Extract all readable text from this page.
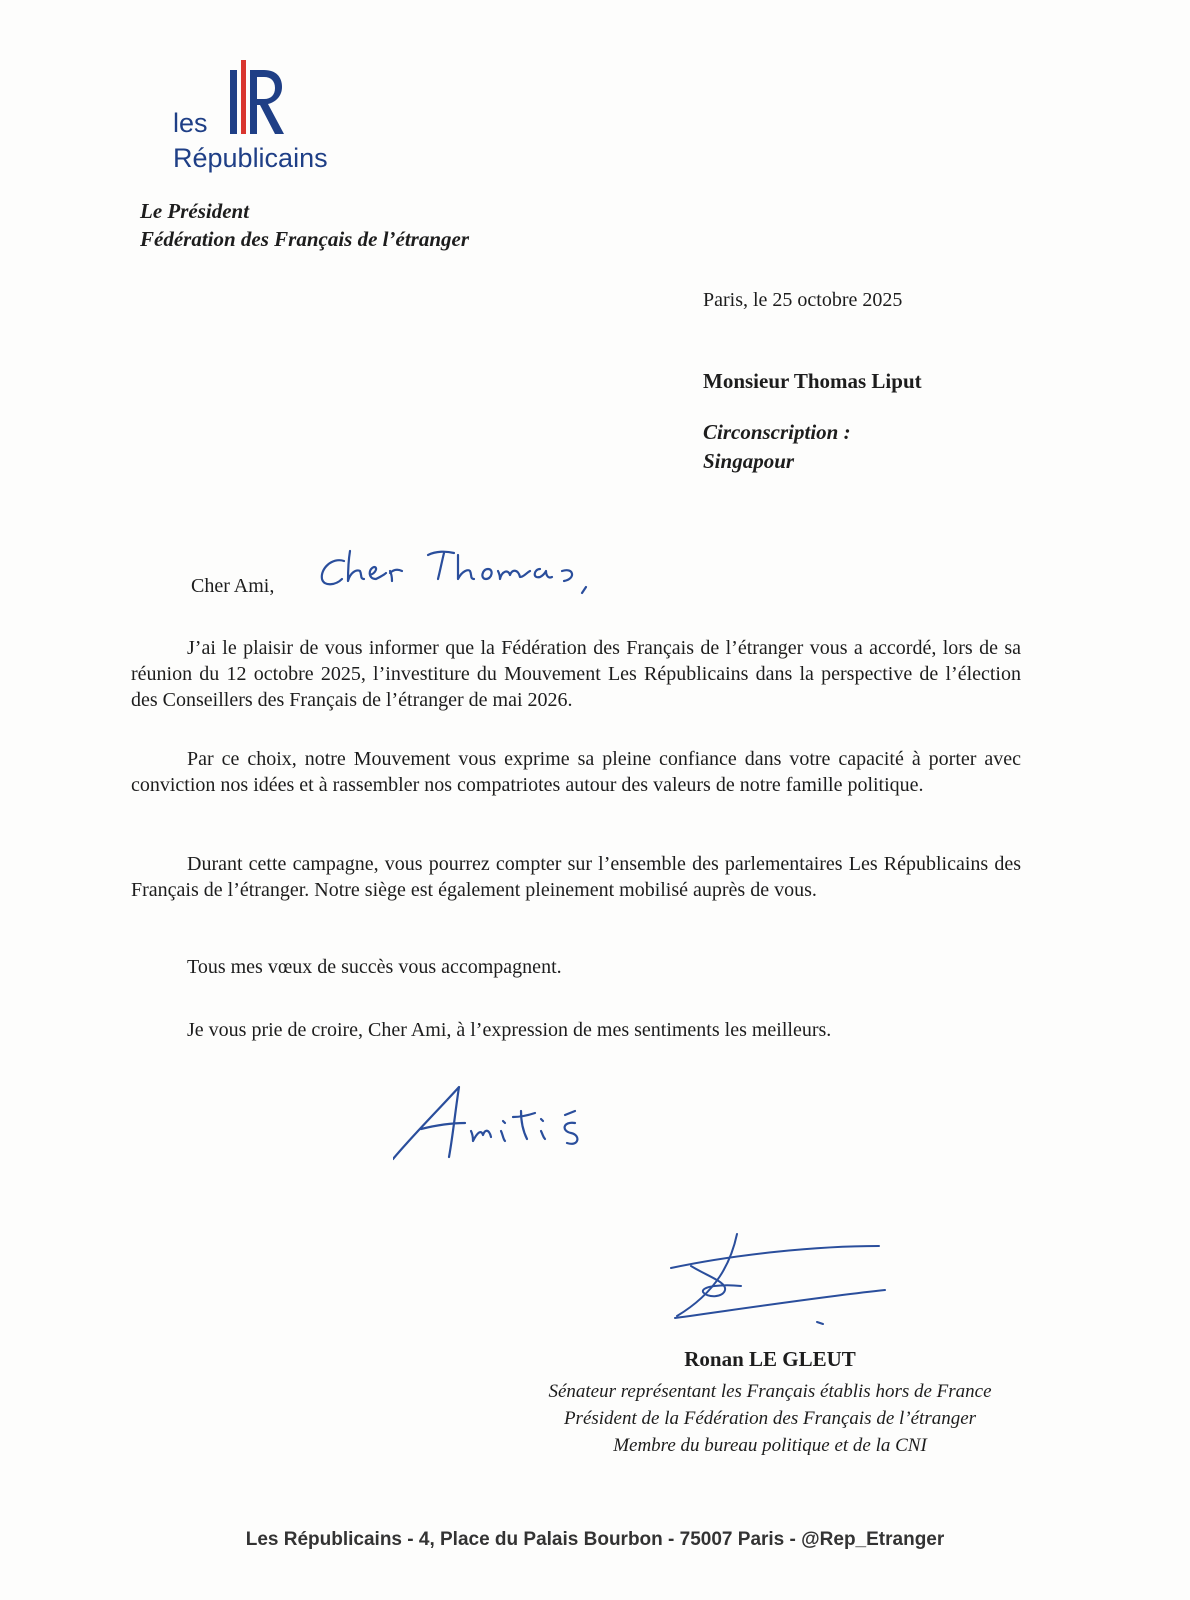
les
Républicains
Le Président
Fédération des Français de l’étranger
Paris, le 25 octobre 2025
Monsieur Thomas Liput
Circonscription :
Singapour
Cher Ami,
J’ai le plaisir de vous informer que la Fédération des Français de l’étranger vous a accordé, lors de sa réunion du 12 octobre 2025, l’investiture du Mouvement Les Républicains dans la perspective de l’élection des Conseillers des Français de l’étranger de mai 2026.
Par ce choix, notre Mouvement vous exprime sa pleine confiance dans votre capacité à porter avec conviction nos idées et à rassembler nos compatriotes autour des valeurs de notre famille politique.
Durant cette campagne, vous pourrez compter sur l’ensemble des parlementaires Les Républicains des Français de l’étranger. Notre siège est également pleinement mobilisé auprès de vous.
Tous mes vœux de succès vous accompagnent.
Je vous prie de croire, Cher Ami, à l’expression de mes sentiments les meilleurs.
Ronan LE GLEUT
Sénateur représentant les Français établis hors de France
Président de la Fédération des Français de l’étranger
Membre du bureau politique et de la CNI
Les Républicains - 4, Place du Palais Bourbon - 75007 Paris - @Rep_Etranger
